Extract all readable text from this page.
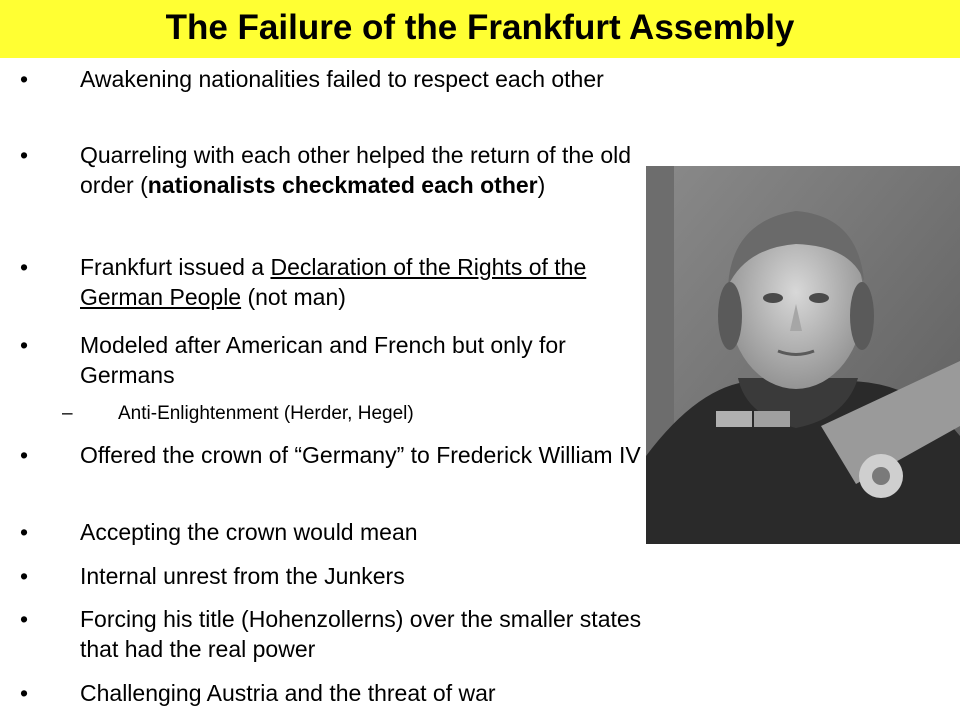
The Failure of the Frankfurt Assembly
• Awakening nationalities failed to respect each other
• Quarreling with each other helped the return of the old order (nationalists checkmated each other)
• Frankfurt issued a Declaration of the Rights of the German People (not man)
• Modeled after American and French but only for Germans
– Anti-Enlightenment (Herder, Hegel)
• Offered the crown of “Germany” to Frederick William IV
• Accepting the crown would mean
• Internal unrest from the Junkers
• Forcing his title (Hohenzollerns) over the smaller states that had the real power
• Challenging Austria and the threat of war
